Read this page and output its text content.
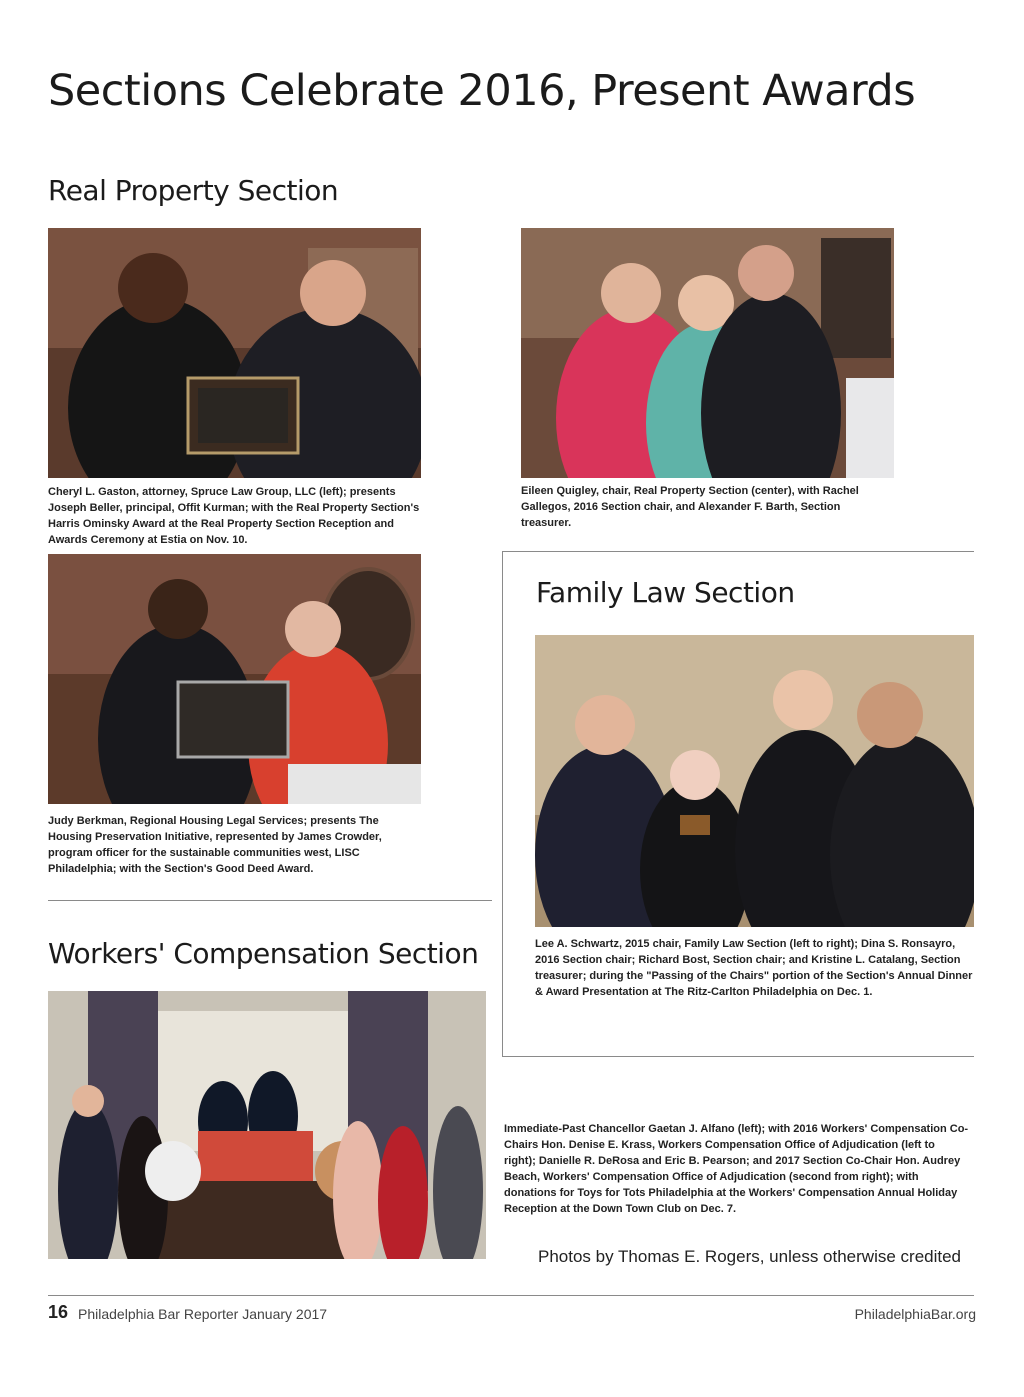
Sections Celebrate 2016, Present Awards
Real Property Section

Cheryl L. Gaston, attorney, Spruce Law Group, LLC (left); presents Joseph Beller, principal, Offit Kurman; with the Real Property Section's Harris Ominsky Award at the Real Property Section Reception and Awards Ceremony at Estia on Nov. 10.

Eileen Quigley, chair, Real Property Section (center), with Rachel Gallegos, 2016 Section chair, and Alexander F. Barth, Section treasurer.

Judy Berkman, Regional Housing Legal Services; presents The Housing Preservation Initiative, represented by James Crowder, program officer for the sustainable communities west, LISC Philadelphia; with the Section's Good Deed Award.

Family Law Section

Lee A. Schwartz, 2015 chair, Family Law Section (left to right); Dina S. Ronsayro, 2016 Section chair; Richard Bost, Section chair; and Kristine L. Catalang, Section treasurer; during the "Passing of the Chairs" portion of the Section's Annual Dinner & Award Presentation at The Ritz-Carlton Philadelphia on Dec. 1.

Workers' Compensation Section

Immediate-Past Chancellor Gaetan J. Alfano (left); with 2016 Workers' Compensation Co-Chairs Hon. Denise E. Krass, Workers Compensation Office of Adjudication (left to right); Danielle R. DeRosa and Eric B. Pearson; and 2017 Section Co-Chair Hon. Audrey Beach, Workers' Compensation Office of Adjudication (second from right); with donations for Toys for Tots Philadelphia at the Workers' Compensation Annual Holiday Reception at the Down Town Club on Dec. 7.

Photos by Thomas E. Rogers, unless otherwise credited
16 Philadelphia Bar Reporter January 2017	PhiladelphiaBar.org
